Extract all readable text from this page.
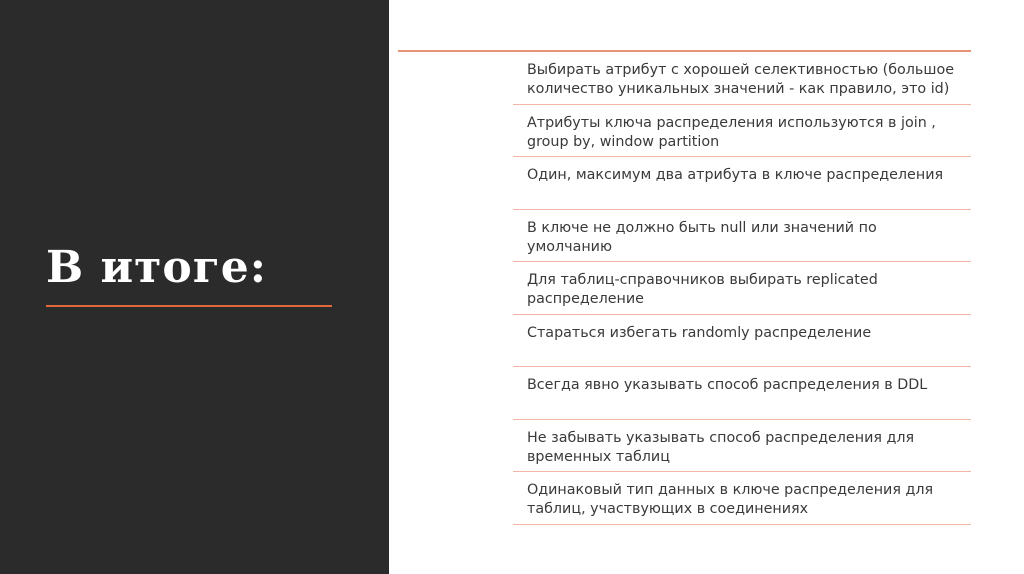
В итоге:
Выбирать атрибут с хорошей селективностью (большое количество уникальных значений - как правило, это id)
Атрибуты ключа распределения используются в join , group by, window partition
Один, максимум два атрибута в ключе распределения
В ключе не должно быть null или значений по умолчанию
Для таблиц-справочников выбирать replicated распределение
Стараться избегать randomly распределение
Всегда явно указывать способ распределения в DDL
Не забывать указывать способ распределения для временных таблиц
Одинаковый тип данных в ключе распределения для таблиц, участвующих в соединениях
